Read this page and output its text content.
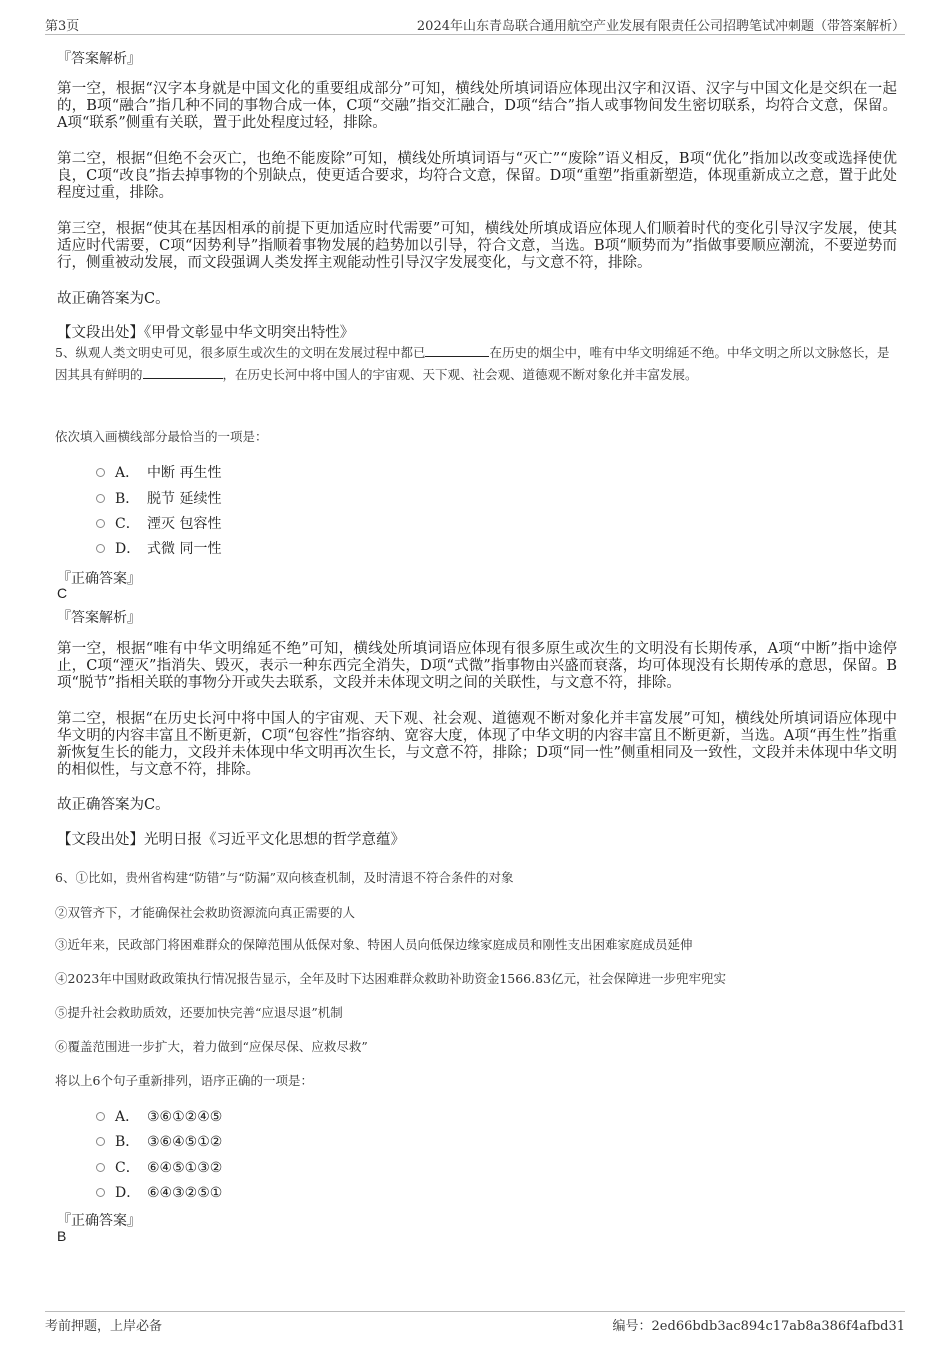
第3页	2024年山东青岛联合通用航空产业发展有限责任公司招聘笔试冲刺题（带答案解析）
『答案解析』
第一空，根据“汉字本身就是中国文化的重要组成部分”可知，横线处所填词语应体现出汉字和汉语、汉字与中国文化是交织在一起的，B项“融合”指几种不同的事物合成一体，C项“交融”指交汇融合，D项“结合”指人或事物间发生密切联系，均符合文意，保留。A项“联系”侧重有关联，置于此处程度过轻，排除。
第二空，根据“但绝不会灭亡，也绝不能废除”可知，横线处所填词语与“灭亡”“废除”语义相反，B项“优化”指加以改变或选择使优良，C项“改良”指去掉事物的个别缺点，使更适合要求，均符合文意，保留。D项“重塑”指重新塑造，体现重新成立之意，置于此处程度过重，排除。
第三空，根据“使其在基因相承的前提下更加适应时代需要”可知，横线处所填成语应体现人们顺着时代的变化引导汉字发展，使其适应时代需要，C项“因势利导”指顺着事物发展的趋势加以引导，符合文意，当选。B项“顺势而为”指做事要顺应潮流，不要逆势而行，侧重被动发展，而文段强调人类发挥主观能动性引导汉字发展变化，与文意不符，排除。
故正确答案为C。
【文段出处】《甲骨文彰显中华文明突出特性》
5、纵观人类文明史可见，很多原生或次生的文明在发展过程中都已	在历史的烟尘中，唯有中华文明绵延不绝。中华文明之所以文脉悠长，是因其具有鲜明的	，在历史长河中将中国人的宇宙观、天下观、社会观、道德观不断对象化并丰富发展。
依次填入画横线部分最恰当的一项是：
A． 中断 再生性
B． 脱节 延续性
C． 湮灭 包容性
D． 式微 同一性
『正确答案』
C
『答案解析』
第一空，根据“唯有中华文明绵延不绝”可知，横线处所填词语应体现有很多原生或次生的文明没有长期传承，A项“中断”指中途停止，C项“湮灭”指消失、毁灭，表示一种东西完全消失，D项“式微”指事物由兴盛而衰落，均可体现没有长期传承的意思，保留。B项“脱节”指相关联的事物分开或失去联系，文段并未体现文明之间的关联性，与文意不符，排除。
第二空，根据“在历史长河中将中国人的宇宙观、天下观、社会观、道德观不断对象化并丰富发展”可知，横线处所填词语应体现中华文明的内容丰富且不断更新，C项“包容性”指容纳、宽容大度，体现了中华文明的内容丰富且不断更新，当选。A项“再生性”指重新恢复生长的能力，文段并未体现中华文明再次生长，与文意不符，排除；D项“同一性”侧重相同及一致性，文段并未体现中华文明的相似性，与文意不符，排除。
故正确答案为C。
【文段出处】光明日报《习近平文化思想的哲学意蕴》
6、①比如，贵州省构建“防错”与“防漏”双向核查机制，及时清退不符合条件的对象
②双管齐下，才能确保社会救助资源流向真正需要的人
③近年来，民政部门将困难群众的保障范围从低保对象、特困人员向低保边缘家庭成员和刚性支出困难家庭成员延伸
④2023年中国财政政策执行情况报告显示，全年及时下达困难群众救助补助资金1566.83亿元，社会保障进一步兜牢兜实
⑤提升社会救助质效，还要加快完善“应退尽退”机制
⑥覆盖范围进一步扩大，着力做到“应保尽保、应救尽救”
将以上6个句子重新排列，语序正确的一项是：
A． ③⑥①②④⑤
B． ③⑥④⑤①②
C． ⑥④⑤①③②
D． ⑥④③②⑤①
『正确答案』
B
考前押题，上岸必备	编号：2ed66bdb3ac894c17ab8a386f4afbd31
